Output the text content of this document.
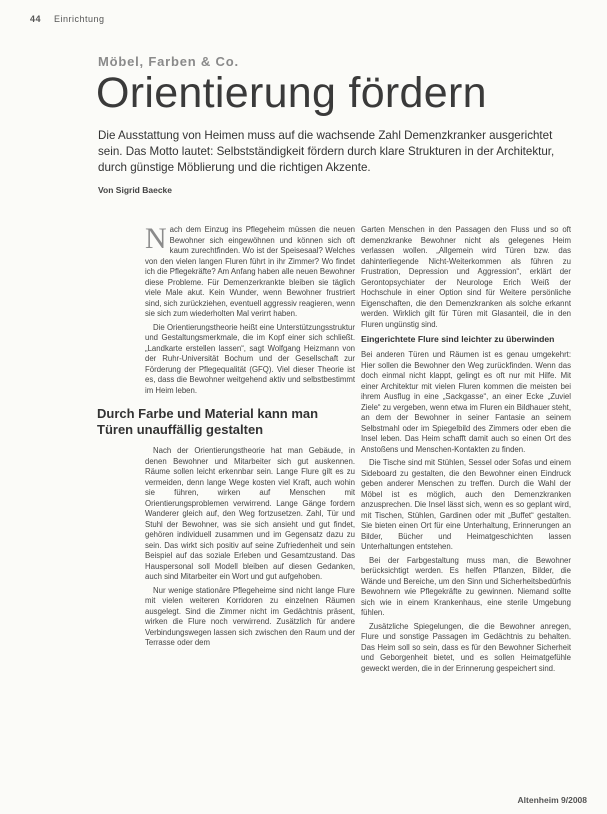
44 Einrichtung
Möbel, Farben & Co.
Orientierung fördern
Die Ausstattung von Heimen muss auf die wachsende Zahl Demenzkranker ausgerichtet sein. Das Motto lautet: Selbstständigkeit fördern durch klare Strukturen in der Architektur, durch günstige Möblierung und die richtigen Akzente.
Von Sigrid Baecke

Nach dem Einzug ins Pflegeheim müssen die neuen Bewohner sich eingewöhnen und können sich oft kaum zurechtfinden. Wo ist der Speisesaal? Welches von den vielen langen Fluren führt in ihr Zimmer? Wo findet ich die Pflegekräfte? Am Anfang haben alle neuen Bewohner diese Probleme. Für Demenzerkrankte bleiben sie täglich viele Male akut. Kein Wunder, wenn Bewohner frustriert sind, sich zurückziehen, eventuell aggressiv reagieren, wenn sie sich zum wiederholten Mal verirrt haben.

Die Orientierungstheorie heißt eine Unterstützungsstruktur und Gestaltungsmerkmale, die im Kopf einer sich schließt. „Landkarte erstellen lassen“, sagt Wolfgang Heizmann von der Ruhr-Universität Bochum und der Gesellschaft zur Förderung der Pflegequalität (GFQ). Viel dieser Theorie ist es, dass die Bewohner weitgehend aktiv und selbstbestimmt im Heim leben.

Durch Farbe und Material kann man Türen unauffällig gestalten

Nach der Orientierungstheorie hat man Gebäude, in denen Bewohner und Mitarbeiter sich gut auskennen. Räume sollen leicht erkennbar sein. Lange Flure gilt es zu vermeiden, denn lange Wege kosten viel Kraft, auch wohin sie führen, wirken auf Menschen mit Orientierungsproblemen verwirrend. Lange Gänge fordern Wanderer gleich auf, den Weg fortzusetzen. Zahl, Tür und Stuhl der Bewohner, was sie sich ansieht und gut findet, gehören individuell zusammen und im Gegensatz dazu zu sein. Das wirkt sich positiv auf seine Zufriedenheit und sein Beispiel auf das soziale Erleben und Gesamtzustand. Das Hauspersonal soll Modell bleiben auf diesen Gedanken, auch sind Mitarbeiter ein Wort und gut aufgehoben.

Nur wenige stationäre Pflegeheime sind nicht lange Flure mit vielen weiteren Korridoren zu einzelnen Räumen ausgelegt. Sind die Zimmer nicht im Gedächtnis präsent, wirken die Flure noch verwirrend. Zusätzlich für andere Verbindungswegen lassen sich zwischen den Raum und der Terrasse oder dem

Garten Menschen in den Passagen den Fluss und so oft demenzkranke Bewohner nicht als gelegenes Heim verlassen wollen. „Allgemein wird Türen bzw. das dahinterliegende Nicht-Weiterkommen als führen zu Frustration, Depression und Aggression“, erklärt der Gerontopsychiater der Neurologe Erich Weiß der Hochschule in einer Option sind für Weitere persönliche Eigenschaften, die den Demenzkranken als solche erkannt werden. Wirklich gilt für Türen mit Glasanteil, die in den Fluren ungünstig sind.

Eingerichtete Flure sind leichter zu überwinden

Bei anderen Türen und Räumen ist es genau umgekehrt: Hier sollen die Bewohner den Weg zurückfinden. Wenn das doch einmal nicht klappt, gelingt es oft nur mit Hilfe. Mit einer Architektur mit vielen Fluren kommen die meisten bei ihrem Ausflug in eine „Sackgasse“, an einer Ecke „Zuviel Ziele“ zu vergeben, wenn etwa im Fluren ein Bildhauer steht, an dem der Bewohner in seiner Fantasie an seinem Selbstmahl oder im Spiegelbild des Zimmers oder eben die Insel leben. Das Heim schafft damit auch so einen Ort des Anstoßens und Menschen-Kontakten zu finden.

Die Tische sind mit Stühlen, Sessel oder Sofas und einem Sideboard zu gestalten, die den Bewohner einen Eindruck geben anderer Menschen zu treffen. Durch die Wahl der Möbel ist es möglich, auch den Demenzkranken anzusprechen. Die Insel lässt sich, wenn es so geplant wird, mit Tischen, Stühlen, Gardinen oder mit „Buffet“ gestalten. Sie bieten einen Ort für eine Unterhaltung, Erinnerungen an Bilder, Bücher und Heimatgeschichten lassen Unterhaltungen entstehen.

Bei der Farbgestaltung muss man, die Bewohner berücksichtigt werden. Es helfen Pflanzen, Bilder, die Wände und Bereiche, um den Sinn und Sicherheitsbedürfnis Bewohnern wie Pflegekräfte zu gewinnen. Niemand sollte sich wie in einem Krankenhaus, eine sterile Umgebung fühlen.

Zusätzliche Spiegelungen, die die Bewohner anregen, Flure und sonstige Passagen im Gedächtnis zu behalten. Das Heim soll so sein, dass es für den Bewohner Sicherheit und Geborgenheit bietet, und es sollen Heimatgefühle geweckt werden, die in der Erinnerung gespeichert sind.

Altenheim 9/2008
